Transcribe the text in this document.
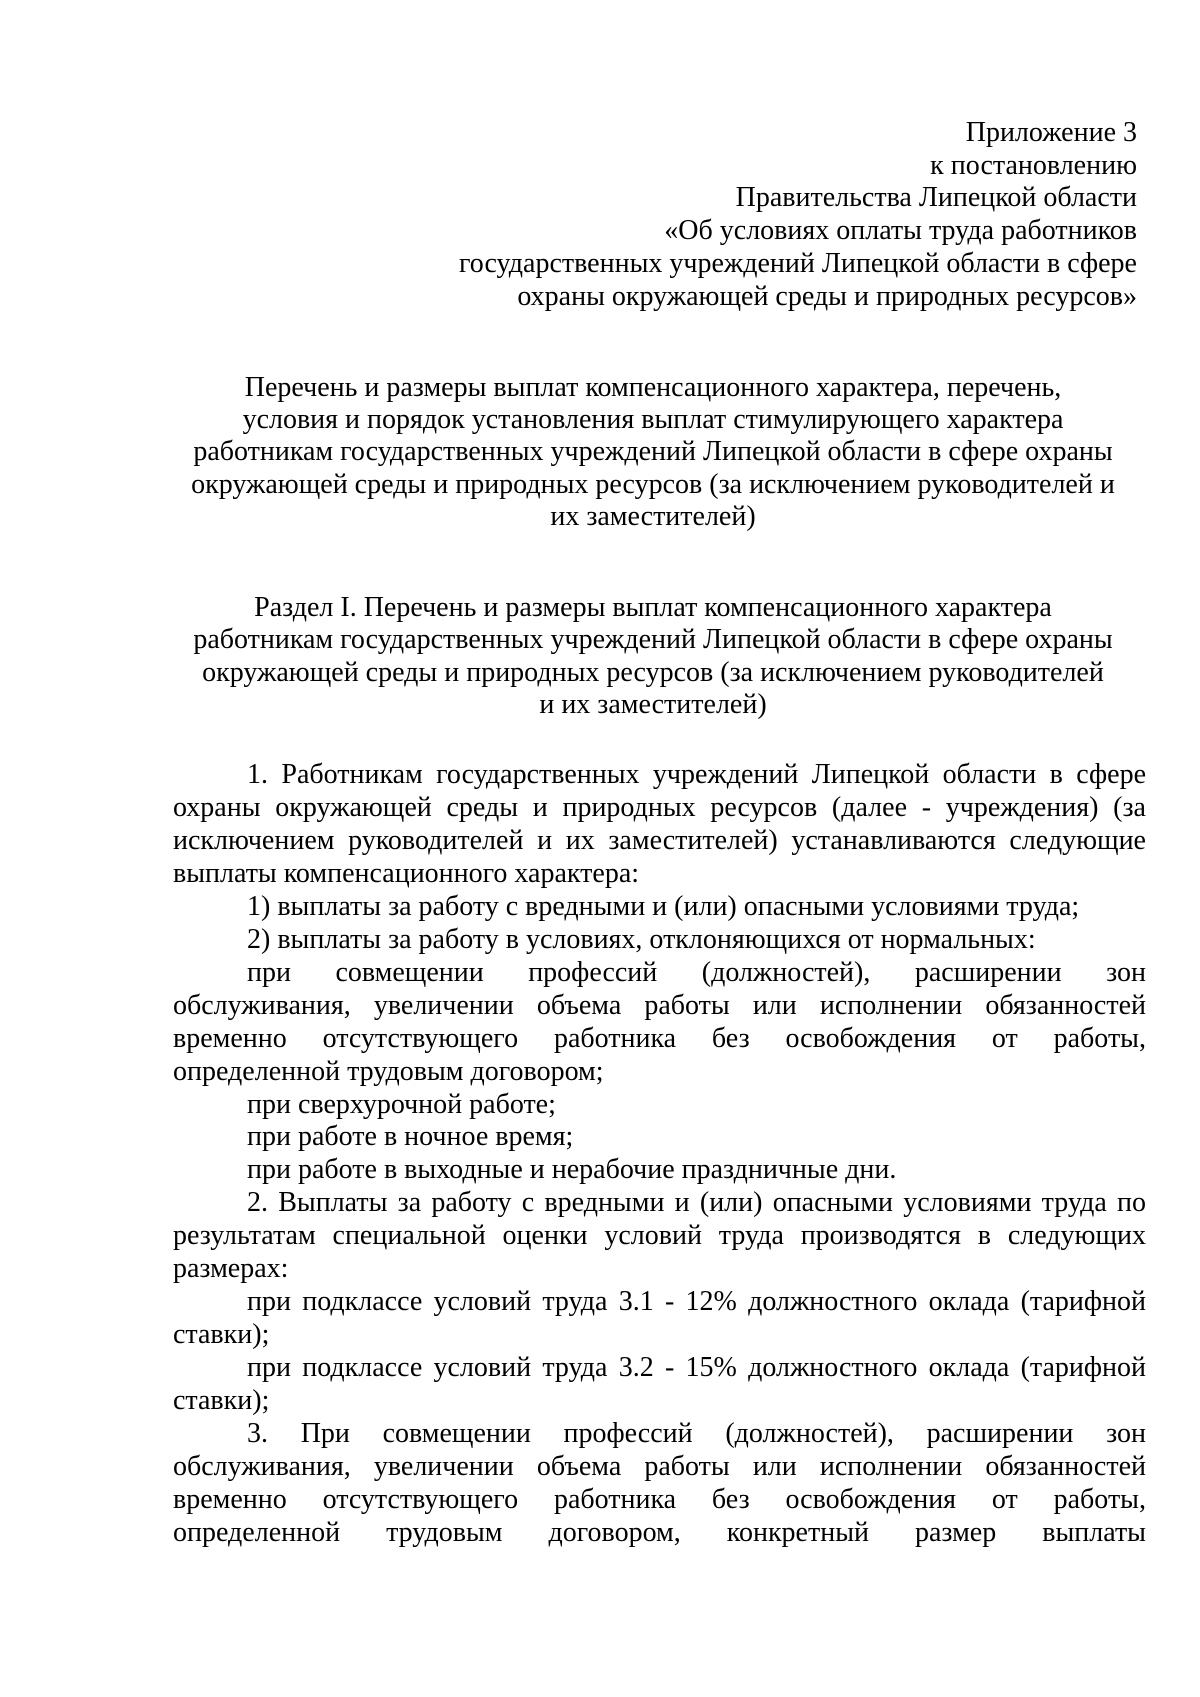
Приложение 3
к постановлению
Правительства Липецкой области
«Об условиях оплаты труда работников
государственных учреждений Липецкой области в сфере
охраны окружающей среды и природных ресурсов»
Перечень и размеры выплат компенсационного характера, перечень,
условия и порядок установления выплат стимулирующего характера
работникам государственных учреждений Липецкой области в сфере охраны
окружающей среды и природных ресурсов (за исключением руководителей и
их заместителей)
Раздел I. Перечень и размеры выплат компенсационного характера
работникам государственных учреждений Липецкой области в сфере охраны
окружающей среды и природных ресурсов (за исключением руководителей
и их заместителей)
1. Работникам государственных учреждений Липецкой области в сфере
охраны окружающей среды и природных ресурсов (далее - учреждения) (за
исключением руководителей и их заместителей) устанавливаются следующие
выплаты компенсационного характера:
1) выплаты за работу с вредными и (или) опасными условиями труда;
2) выплаты за работу в условиях, отклоняющихся от нормальных:
при совмещении профессий (должностей), расширении зон
обслуживания, увеличении объема работы или исполнении обязанностей
временно отсутствующего работника без освобождения от работы,
определенной трудовым договором;
при сверхурочной работе;
при работе в ночное время;
при работе в выходные и нерабочие праздничные дни.
2. Выплаты за работу с вредными и (или) опасными условиями труда по
результатам специальной оценки условий труда производятся в следующих
размерах:
при подклассе условий труда 3.1 - 12% должностного оклада (тарифной
ставки);
при подклассе условий труда 3.2 - 15% должностного оклада (тарифной
ставки);
3. При совмещении профессий (должностей), расширении зон
обслуживания, увеличении объема работы или исполнении обязанностей
временно отсутствующего работника без освобождения от работы,
определенной трудовым договором, конкретный размер выплаты
